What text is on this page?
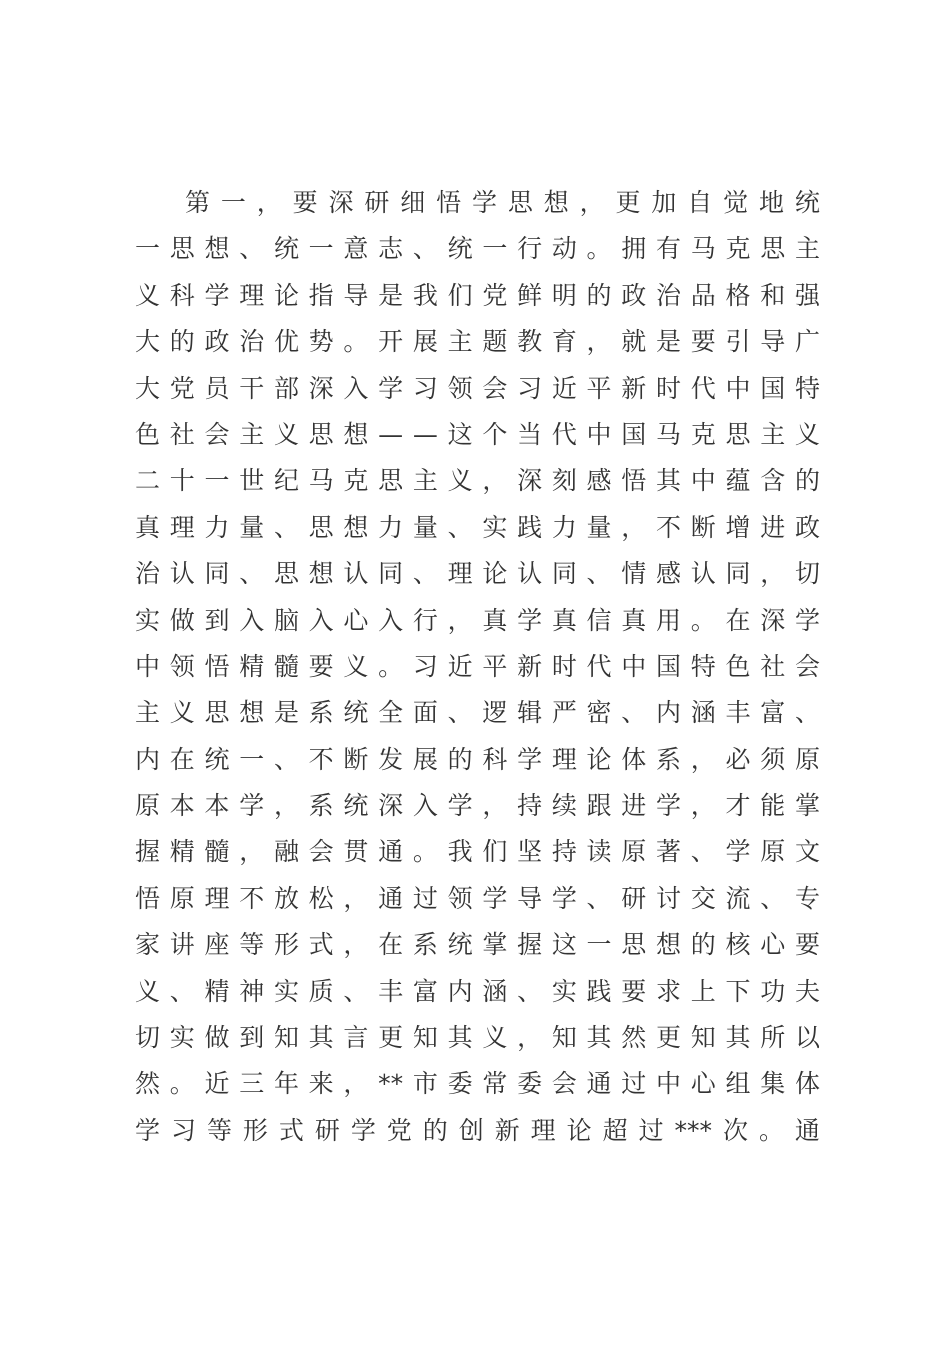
第 一 ， 要 深 研 细 悟 学 思 想 ， 更 加 自 觉 地 统
一 思 想 、 统 一 意 志 、 统 一 行 动 。 拥 有 马 克 思 主
义 科 学 理 论 指 导 是 我 们 党 鲜 明 的 政 治 品 格 和 强
大 的 政 治 优 势 。 开 展 主 题 教 育 ， 就 是 要 引 导 广
大 党 员 干 部 深 入 学 习 领 会 习 近 平 新 时 代 中 国 特
色 社 会 主 义 思 想 — — 这 个 当 代 中 国 马 克 思 主 义
二 十 一 世 纪 马 克 思 主 义 ， 深 刻 感 悟 其 中 蕴 含 的
真 理 力 量 、 思 想 力 量 、 实 践 力 量 ， 不 断 增 进 政
治 认 同 、 思 想 认 同 、 理 论 认 同 、 情 感 认 同 ， 切
实 做 到 入 脑 入 心 入 行 ， 真 学 真 信 真 用 。 在 深 学
中 领 悟 精 髓 要 义 。 习 近 平 新 时 代 中 国 特 色 社 会
主 义 思 想 是 系 统 全 面 、 逻 辑 严 密 、 内 涵 丰 富 、
内 在 统 一 、 不 断 发 展 的 科 学 理 论 体 系 ， 必 须 原
原 本 本 学 ， 系 统 深 入 学 ， 持 续 跟 进 学 ， 才 能 掌
握 精 髓 ， 融 会 贯 通 。 我 们 坚 持 读 原 著 、 学 原 文
悟 原 理 不 放 松 ， 通 过 领 学 导 学 、 研 讨 交 流 、 专
家 讲 座 等 形 式 ， 在 系 统 掌 握 这 一 思 想 的 核 心 要
义 、 精 神 实 质 、 丰 富 内 涵 、 实 践 要 求 上 下 功 夫
切 实 做 到 知 其 言 更 知 其 义 ， 知 其 然 更 知 其 所 以
然 。 近 三 年 来 ， ** 市 委 常 委 会 通 过 中 心 组 集 体
学 习 等 形 式 研 学 党 的 创 新 理 论 超 过 *** 次 。 通
